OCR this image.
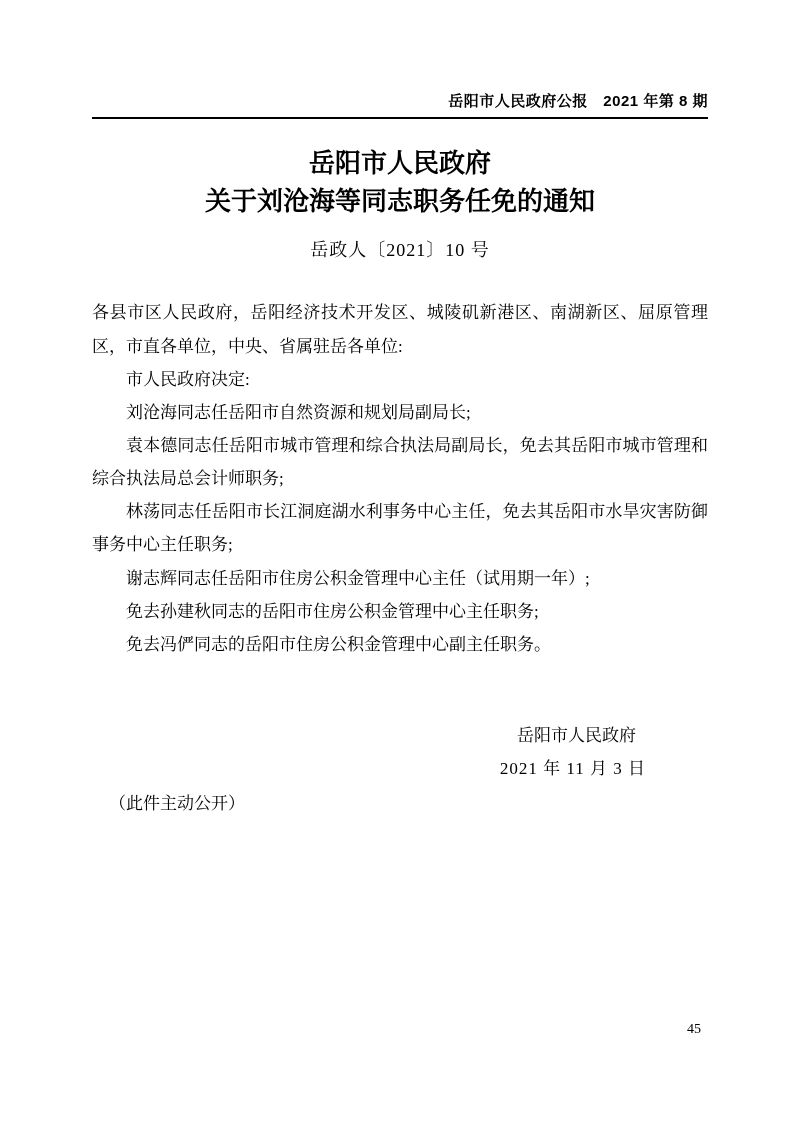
岳阳市人民政府公报　2021 年第 8 期
岳阳市人民政府
关于刘沧海等同志职务任免的通知
岳政人〔2021〕10 号

各县市区人民政府，岳阳经济技术开发区、城陵矶新港区、南湖新区、屈原管理区，市直各单位，中央、省属驻岳各单位:

市人民政府决定:

刘沧海同志任岳阳市自然资源和规划局副局长;

袁本德同志任岳阳市城市管理和综合执法局副局长，免去其岳阳市城市管理和综合执法局总会计师职务;

林荡同志任岳阳市长江洞庭湖水利事务中心主任，免去其岳阳市水旱灾害防御事务中心主任职务;

谢志辉同志任岳阳市住房公积金管理中心主任（试用期一年）;

免去孙建秋同志的岳阳市住房公积金管理中心主任职务;

免去冯俨同志的岳阳市住房公积金管理中心副主任职务。

岳阳市人民政府
2021 年 11 月 3 日
（此件主动公开）
45
